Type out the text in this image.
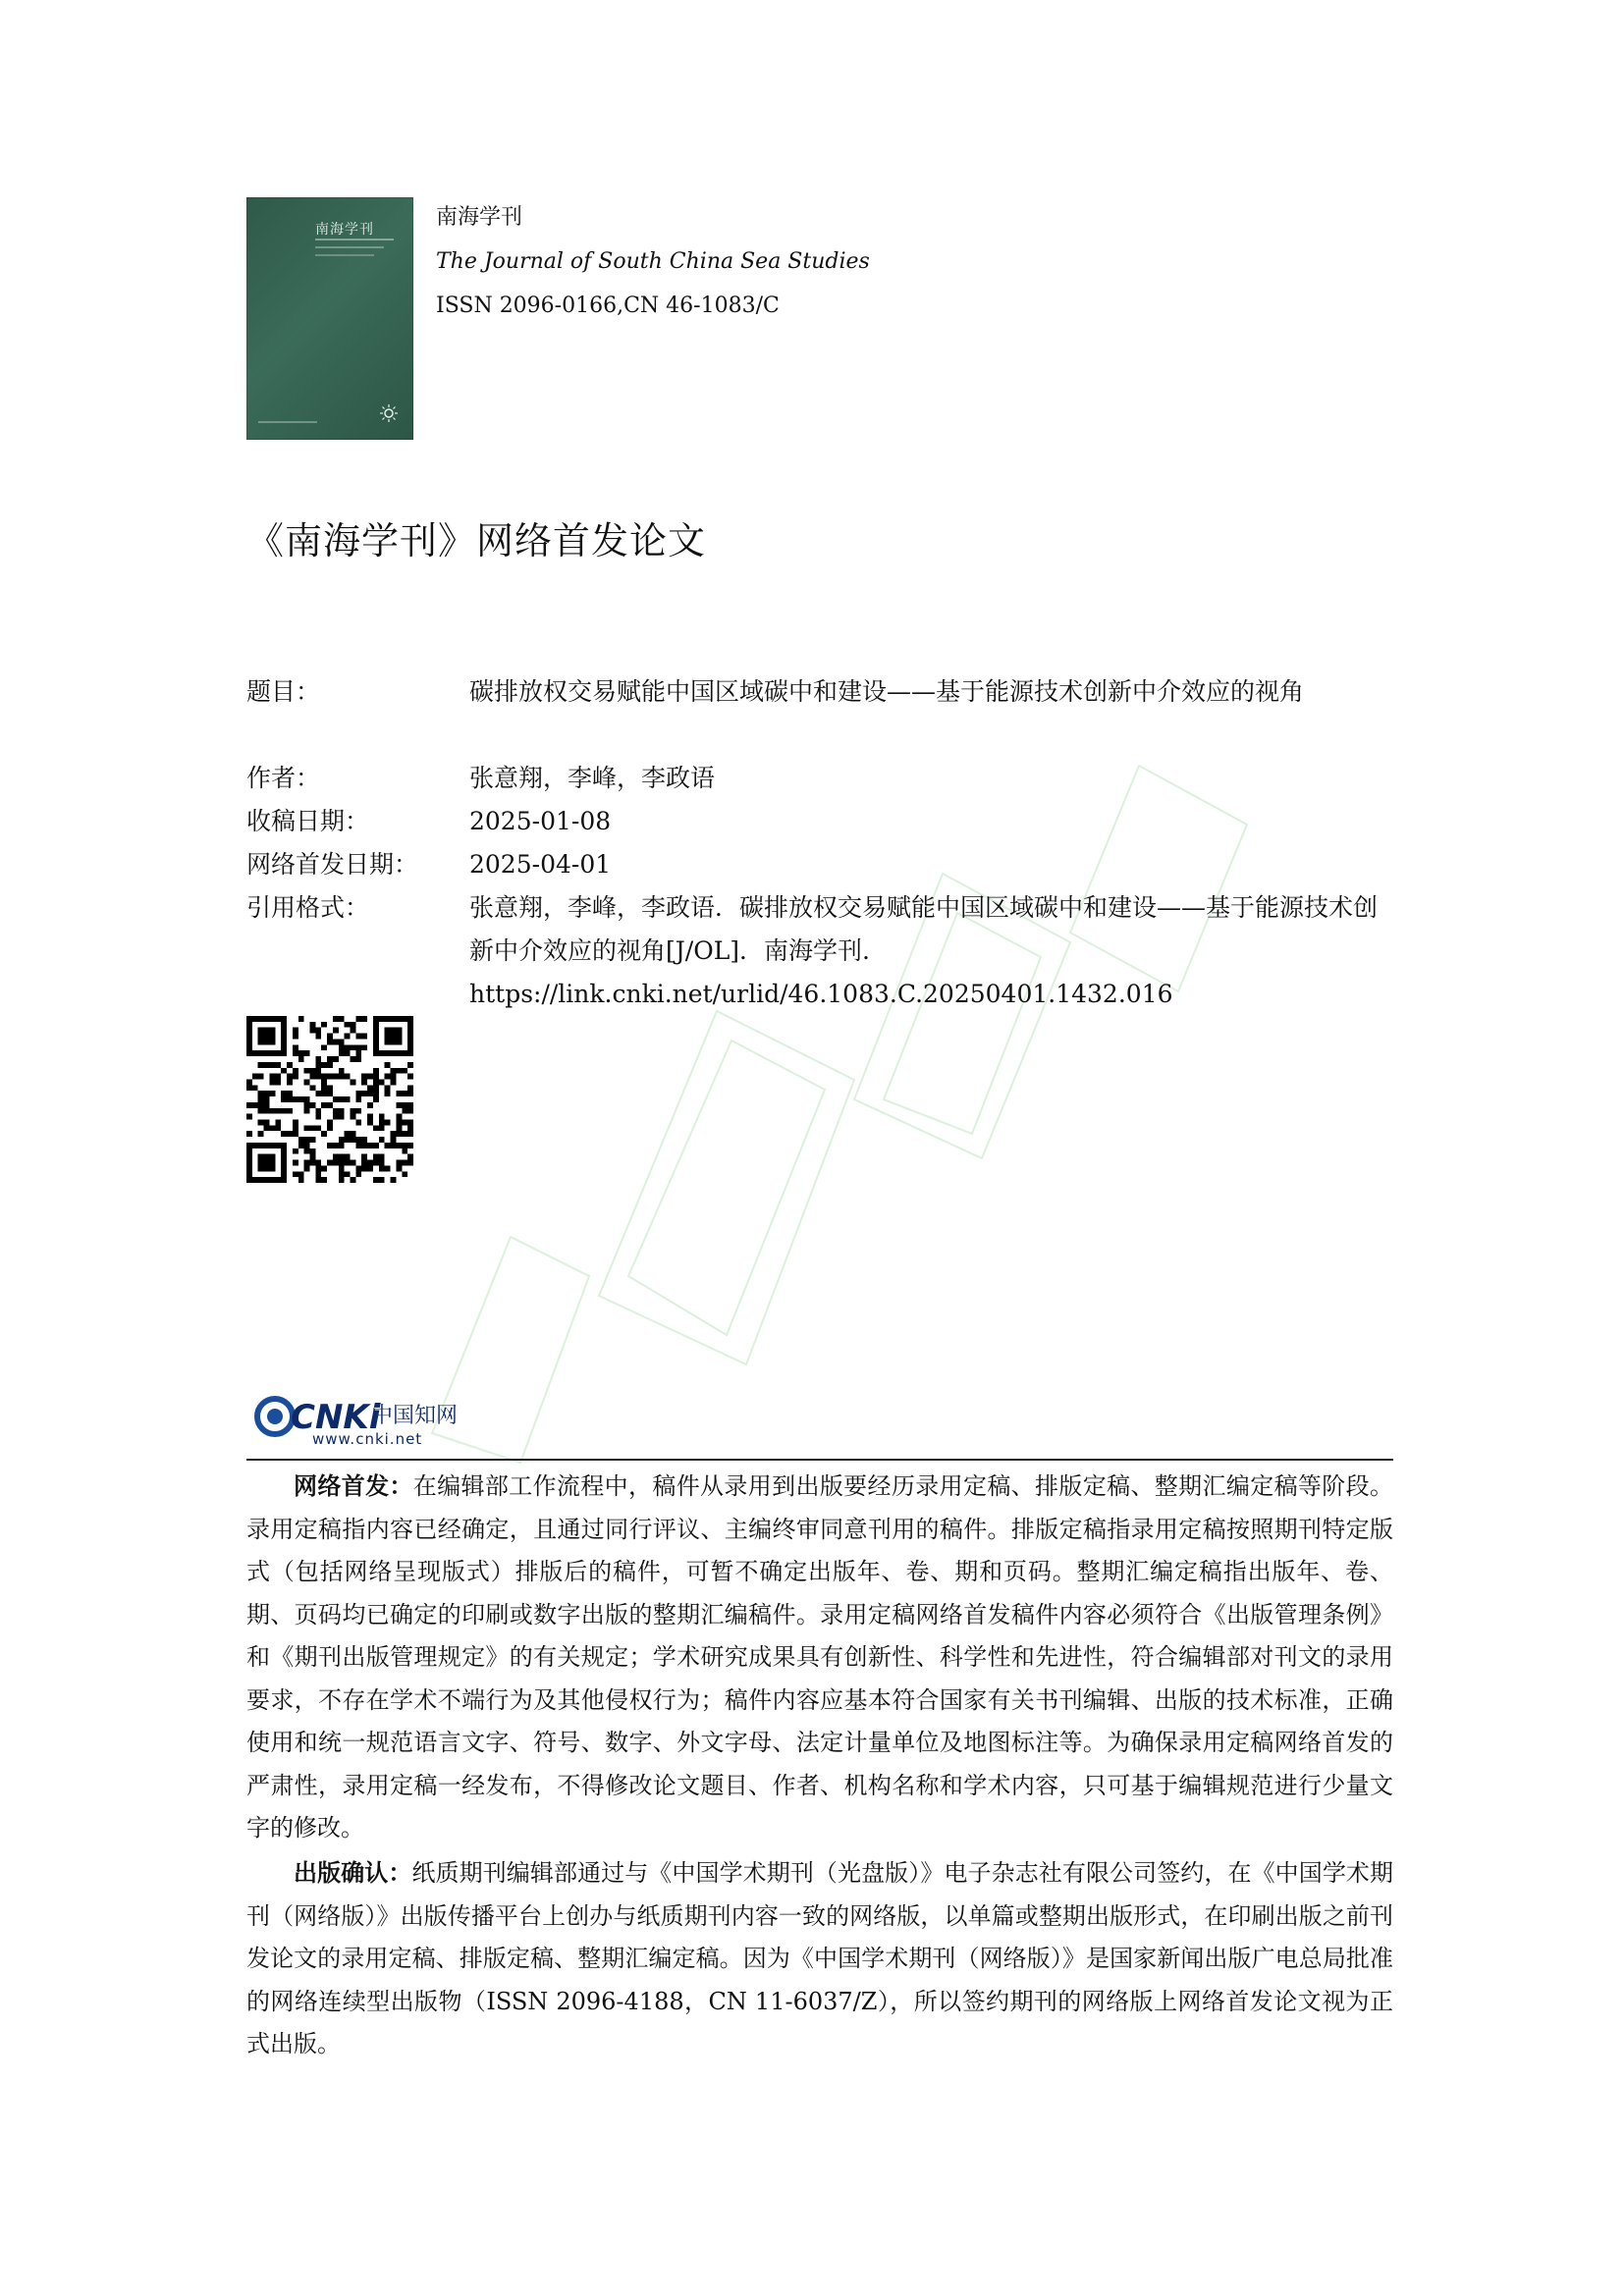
南海学刊	南海学刊
The Journal of South China Sea Studies
ISSN 2096-0166,CN 46-1083/C
《南海学刊》网络首发论文
题目：	碳排放权交易赋能中国区域碳中和建设——基于能源技术创新中介效应的视角
作者：	张意翔，李峰，李政语
收稿日期：	2025-01-08
网络首发日期： 2025-04-01
引用格式：	张意翔，李峰，李政语．碳排放权交易赋能中国区域碳中和建设——基于能源技术创新中介效应的视角[J/OL]．南海学刊.
https://link.cnki.net/urlid/46.1083.C.20250401.1432.016
CNKi
中国知网
www.cnki.net

网络首发：在编辑部工作流程中，稿件从录用到出版要经历录用定稿、排版定稿、整期汇编定稿等阶段。录用定稿指内容已经确定，且通过同行评议、主编终审同意刊用的稿件。排版定稿指录用定稿按照期刊特定版式（包括网络呈现版式）排版后的稿件，可暂不确定出版年、卷、期和页码。整期汇编定稿指出版年、卷、期、页码均已确定的印刷或数字出版的整期汇编稿件。录用定稿网络首发稿件内容必须符合《出版管理条例》和《期刊出版管理规定》的有关规定；学术研究成果具有创新性、科学性和先进性，符合编辑部对刊文的录用要求，不存在学术不端行为及其他侵权行为；稿件内容应基本符合国家有关书刊编辑、出版的技术标准，正确使用和统一规范语言文字、符号、数字、外文字母、法定计量单位及地图标注等。为确保录用定稿网络首发的严肃性，录用定稿一经发布，不得修改论文题目、作者、机构名称和学术内容，只可基于编辑规范进行少量文字的修改。

出版确认：纸质期刊编辑部通过与《中国学术期刊（光盘版）》电子杂志社有限公司签约，在《中国学术期刊（网络版）》出版传播平台上创办与纸质期刊内容一致的网络版，以单篇或整期出版形式，在印刷出版之前刊发论文的录用定稿、排版定稿、整期汇编定稿。因为《中国学术期刊（网络版）》是国家新闻出版广电总局批准的网络连续型出版物（ISSN 2096-4188，CN 11-6037/Z），所以签约期刊的网络版上网络首发论文视为正式出版。
